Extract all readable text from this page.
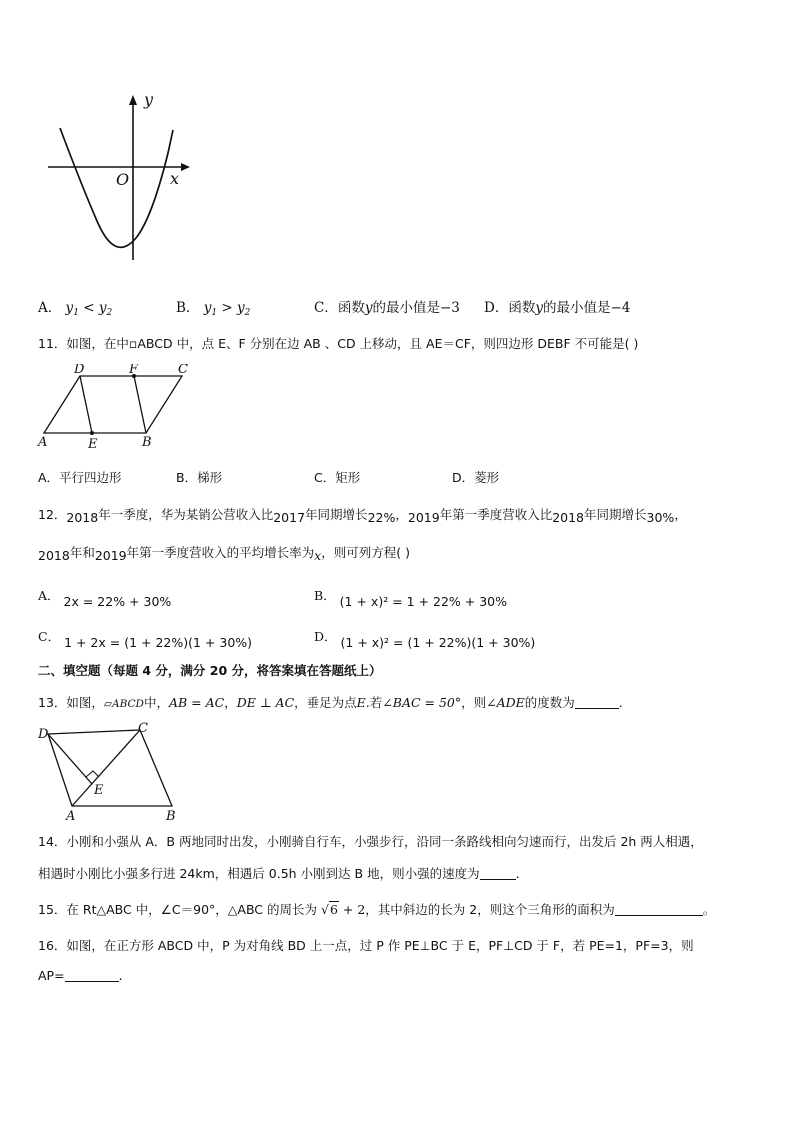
y
x
O
A． $y_1 < y_2$	B． $y_1 > y_2$	C．函数y的最小值是−3 D．函数y的最小值是−4
11．如图，在中▫ABCD 中，点 E、F 分别在边 AB 、CD 上移动，且 AE＝CF，则四边形 DEBF 不可能是( )
D	F	C
A	E	B
A．平行四边形	B．梯形	C．矩形	D．菱形
12．2018年一季度，华为某销公营收入比2017年同期增长22%，2019年第一季度营收入比2018年同期增长30%，
2018年和2019年第一季度营收入的平均增长率为x，则可列方程( )
A． 2x = 22% + 30%	B． (1 + x)² = 1 + 22% + 30%
C． 1 + 2x = (1 + 22%)(1 + 30%)	D． (1 + x)² = (1 + 22%)(1 + 30%)
二、填空题（每题 4 分，满分 20 分，将答案填在答题纸上）
13．如图，▱ABCD中，AB = AC，DE ⊥ AC，垂足为点E.若∠BAC = 50°，则∠ADE的度数为	.
D	C
E
A	B
14．小刚和小强从 A．B 两地同时出发，小刚骑自行车，小强步行，沿同一条路线相向匀速而行，出发后 2h 两人相遇，
相遇时小刚比小强多行进 24km，相遇后 0.5h 小刚到达 B 地，则小强的速度为	.
15．在 Rt△ABC 中，∠C＝90°，△ABC 的周长为 √6 + 2，其中斜边的长为 2，则这个三角形的面积为	。
16．如图，在正方形 ABCD 中，P 为对角线 BD 上一点，过 P 作 PE⊥BC 于 E，PF⊥CD 于 F，若 PE=1，PF=3，则
AP=	.
